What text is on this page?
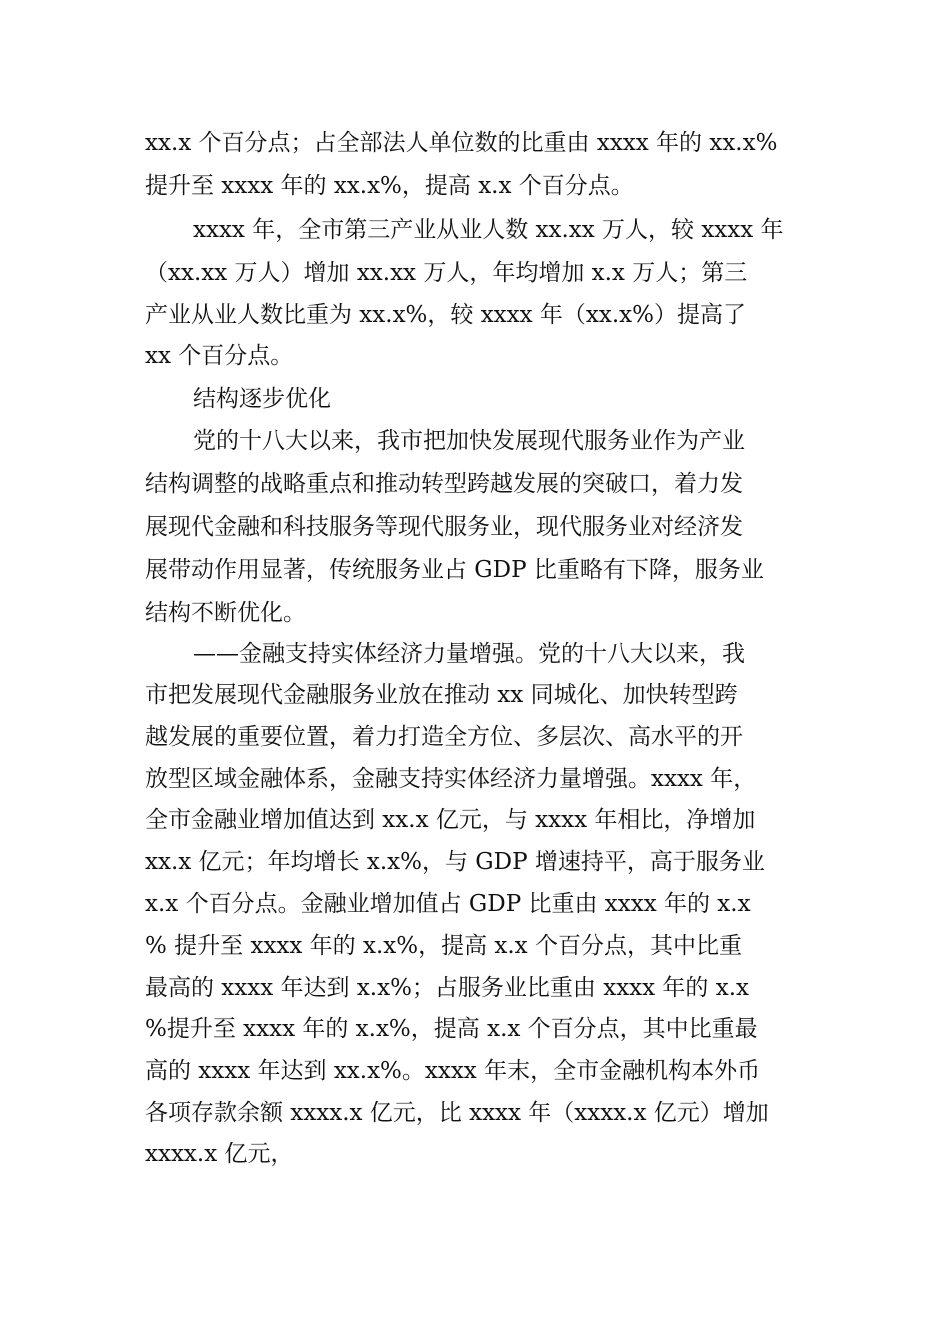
xx.x 个百分点；占全部法人单位数的比重由 xxxx 年的 xx.x%
提升至 xxxx 年的 xx.x%，提高 x.x 个百分点。
xxxx 年，全市第三产业从业人数 xx.xx 万人，较 xxxx 年
（xx.xx 万人）增加 xx.xx 万人，年均增加 x.x 万人；第三
产业从业人数比重为 xx.x%，较 xxxx 年（xx.x%）提高了
xx 个百分点。
结构逐步优化
党的十八大以来，我市把加快发展现代服务业作为产业
结构调整的战略重点和推动转型跨越发展的突破口，着力发
展现代金融和科技服务等现代服务业，现代服务业对经济发
展带动作用显著，传统服务业占 GDP 比重略有下降，服务业
结构不断优化。
——金融支持实体经济力量增强。党的十八大以来，我
市把发展现代金融服务业放在推动 xx 同城化、加快转型跨
越发展的重要位置，着力打造全方位、多层次、高水平的开
放型区域金融体系，金融支持实体经济力量增强。xxxx 年，
全市金融业增加值达到 xx.x 亿元，与 xxxx 年相比，净增加
xx.x 亿元；年均增长 x.x%，与 GDP 增速持平，高于服务业
x.x 个百分点。金融业增加值占 GDP 比重由 xxxx 年的 x.x
% 提升至 xxxx 年的 x.x%，提高 x.x 个百分点，其中比重
最高的 xxxx 年达到 x.x%；占服务业比重由 xxxx 年的 x.x
%提升至 xxxx 年的 x.x%，提高 x.x 个百分点，其中比重最
高的 xxxx 年达到 xx.x%。xxxx 年末，全市金融机构本外币
各项存款余额 xxxx.x 亿元，比 xxxx 年（xxxx.x 亿元）增加
xxxx.x 亿元，
